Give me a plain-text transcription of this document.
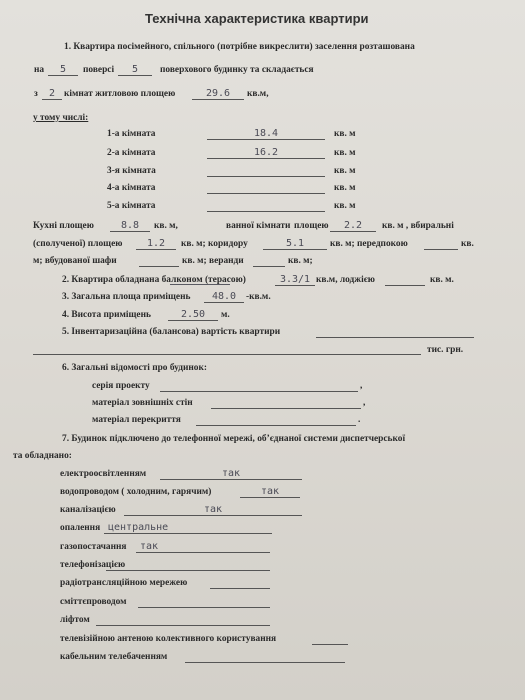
Технічна характеристика квартири
1. Квартира посімейного, спільного (потрібне викреслити) заселення розташована
на	5	поверсі	5	поверхового будинку та складається
з	2 кімнат житловою площею	29.6	кв.м,
у тому числі:
1-а кімната	18.4	кв. м
2-а кімната	16.2	кв. м
3-я кімната	кв. м
4-а кімната	кв. м
5-а кімната	кв. м
Кухні площею	8.8	кв. м,	ванної кімнати площею	2.2	кв. м , вбиральні
(сполученої) площею	1.2	кв. м; коридору	5.1	кв. м; передпокою	кв.
м; вбудованої шафи	кв. м; веранди	кв. м;
2. Квартира обладнана балконом (терасою)	3.3/1 кв.м, лоджією	кв. м.
3. Загальна площа приміщень	48.0	-кв.м.
4. Висота приміщень	2.50	м.
5. Інвентаризаційна (балансова) вартість квартири
тис. грн.
6. Загальні відомості про будинок:
серія проекту	,
матеріал зовнішніх стін	,
матеріал перекриття	.
7. Будинок підключено до телефонної мережі, об’єднаної системи диспетчерської
та обладнано:
електроосвітленням	так
водопроводом ( холодним, гарячим)	так
каналізацією	так
опалення центральне
газопостачання	так
телефонізацією
радіотрансляційною мережею
сміттєпроводом
ліфтом
телевізійною антеною колективного користування
кабельним телебаченням
